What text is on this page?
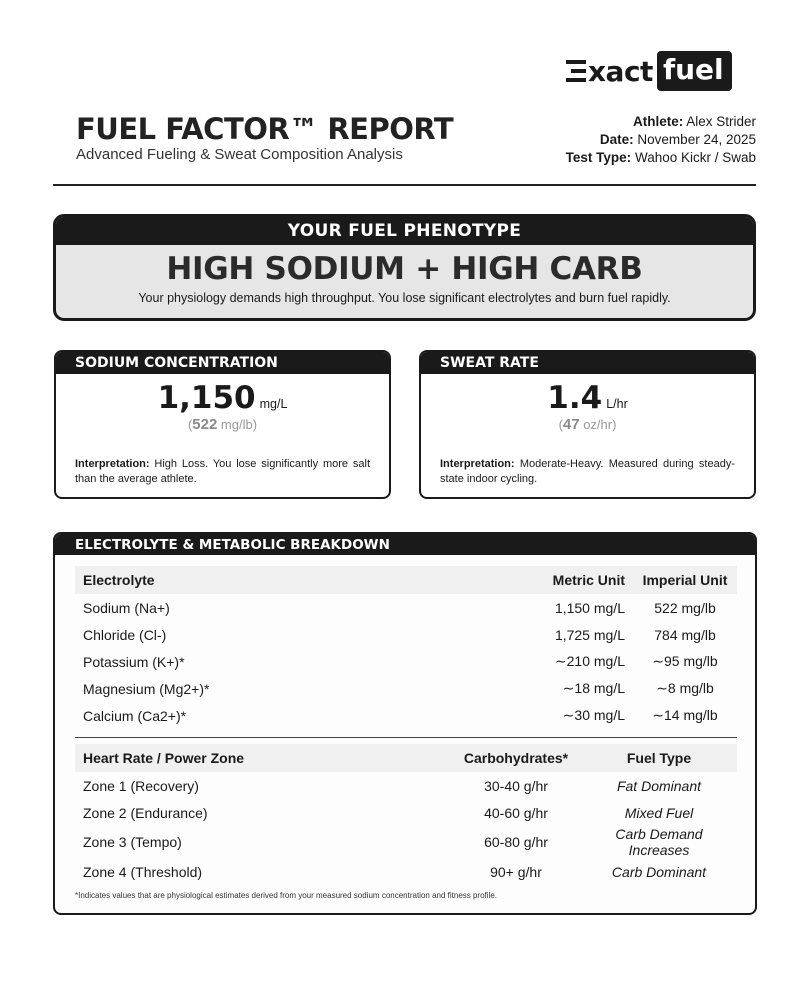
xact fuel
FUEL FACTOR™ REPORT
Advanced Fueling & Sweat Composition Analysis
Athlete: Alex Strider
Date: November 24, 2025
Test Type: Wahoo Kickr / Swab
YOUR FUEL PHENOTYPE
HIGH SODIUM + HIGH CARB
Your physiology demands high throughput. You lose significant electrolytes and burn fuel rapidly.
SODIUM CONCENTRATION
1,150 mg/L
(522 mg/lb)
Interpretation: High Loss. You lose significantly more salt than the average athlete.
SWEAT RATE
1.4 L/hr
(47 oz/hr)
Interpretation: Moderate-Heavy. Measured during steady-state indoor cycling.
ELECTROLYTE & METABOLIC BREAKDOWN
Electrolyte	Metric Unit	Imperial Unit
Sodium (Na+)	1,150 mg/L	522 mg/lb
Chloride (Cl-)	1,725 mg/L	784 mg/lb
Potassium (K+)*	∼210 mg/L	∼95 mg/lb
Magnesium (Mg2+)*	∼18 mg/L	∼8 mg/lb
Calcium (Ca2+)*	∼30 mg/L	∼14 mg/lb
Heart Rate / Power Zone	Carbohydrates*	Fuel Type
Zone 1 (Recovery)	30-40 g/hr	Fat Dominant
Zone 2 (Endurance)	40-60 g/hr	Mixed Fuel
Zone 3 (Tempo)	60-80 g/hr	Carb Demand Increases
Zone 4 (Threshold)	90+ g/hr	Carb Dominant
*Indicates values that are physiological estimates derived from your measured sodium concentration and fitness profile.
